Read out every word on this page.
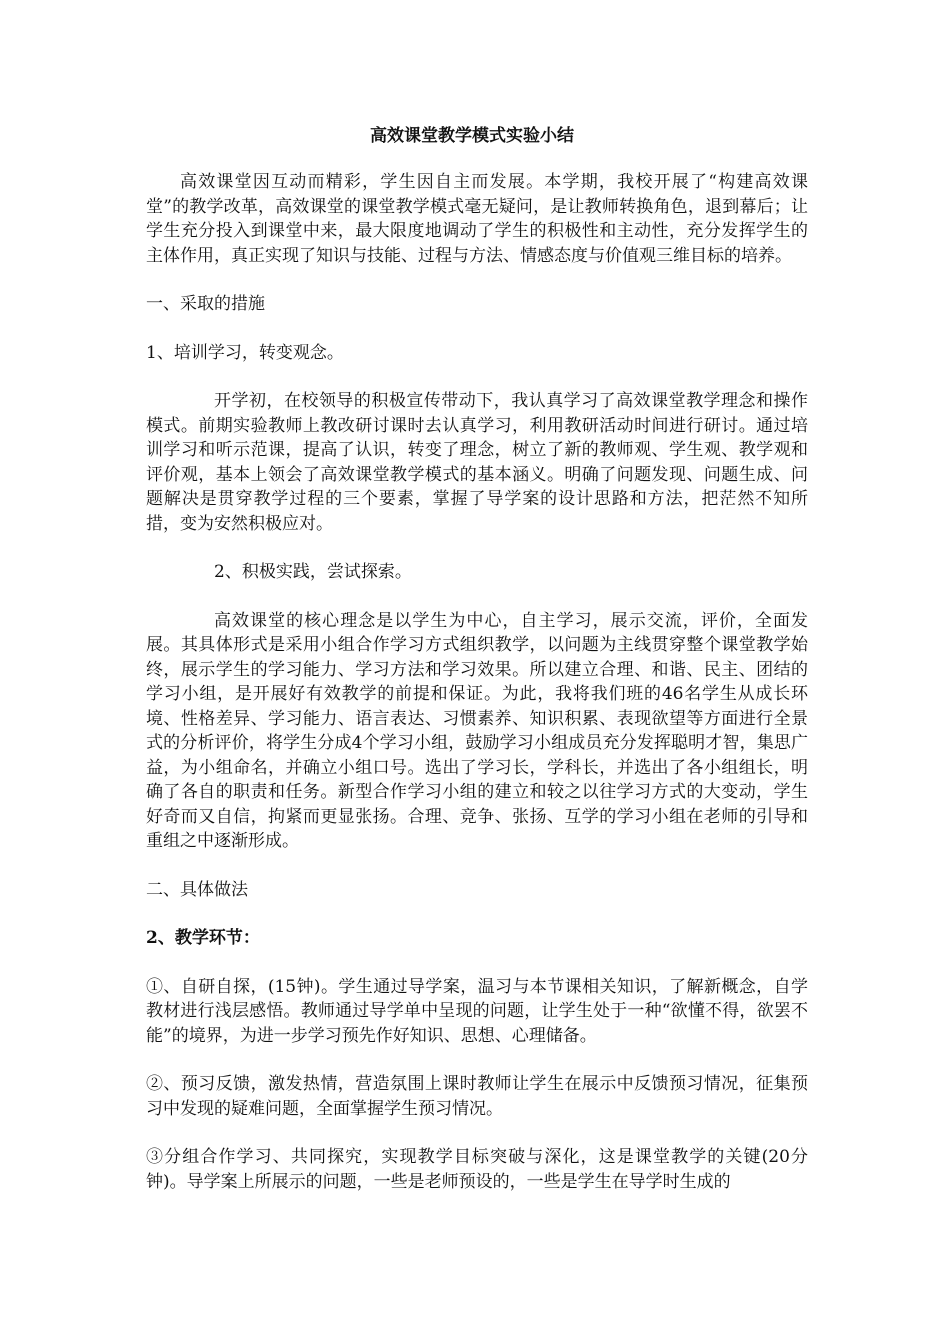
高效课堂教学模式实验小结

高效课堂因互动而精彩，学生因自主而发展。本学期，我校开展了“构建高效课堂”的教学改革，高效课堂的课堂教学模式毫无疑问，是让教师转换角色，退到幕后；让学生充分投入到课堂中来，最大限度地调动了学生的积极性和主动性，充分发挥学生的主体作用，真正实现了知识与技能、过程与方法、情感态度与价值观三维目标的培养。

一、采取的措施

1、培训学习，转变观念。

开学初，在校领导的积极宣传带动下，我认真学习了高效课堂教学理念和操作模式。前期实验教师上教改研讨课时去认真学习，利用教研活动时间进行研讨。通过培训学习和听示范课，提高了认识，转变了理念，树立了新的教师观、学生观、教学观和评价观，基本上领会了高效课堂教学模式的基本涵义。明确了问题发现、问题生成、问题解决是贯穿教学过程的三个要素，掌握了导学案的设计思路和方法，把茫然不知所措，变为安然积极应对。

2、积极实践，尝试探索。

高效课堂的核心理念是以学生为中心，自主学习，展示交流，评价，全面发展。其具体形式是采用小组合作学习方式组织教学，以问题为主线贯穿整个课堂教学始终，展示学生的学习能力、学习方法和学习效果。所以建立合理、和谐、民主、团结的学习小组，是开展好有效教学的前提和保证。为此，我将我们班的46名学生从成长环境、性格差异、学习能力、语言表达、习惯素养、知识积累、表现欲望等方面进行全景式的分析评价，将学生分成4个学习小组，鼓励学习小组成员充分发挥聪明才智，集思广益，为小组命名，并确立小组口号。选出了学习长，学科长，并选出了各小组组长，明确了各自的职责和任务。新型合作学习小组的建立和较之以往学习方式的大变动，学生好奇而又自信，拘紧而更显张扬。合理、竞争、张扬、互学的学习小组在老师的引导和重组之中逐渐形成。

二、具体做法

2、教学环节：

①、自研自探，(15钟)。学生通过导学案，温习与本节课相关知识，了解新概念，自学教材进行浅层感悟。教师通过导学单中呈现的问题，让学生处于一种“欲懂不得，欲罢不能”的境界，为进一步学习预先作好知识、思想、心理储备。

②、预习反馈，激发热情，营造氛围上课时教师让学生在展示中反馈预习情况，征集预习中发现的疑难问题，全面掌握学生预习情况。

③分组合作学习、共同探究，实现教学目标突破与深化，这是课堂教学的关键(20分钟)。导学案上所展示的问题，一些是老师预设的，一些是学生在导学时生成的
